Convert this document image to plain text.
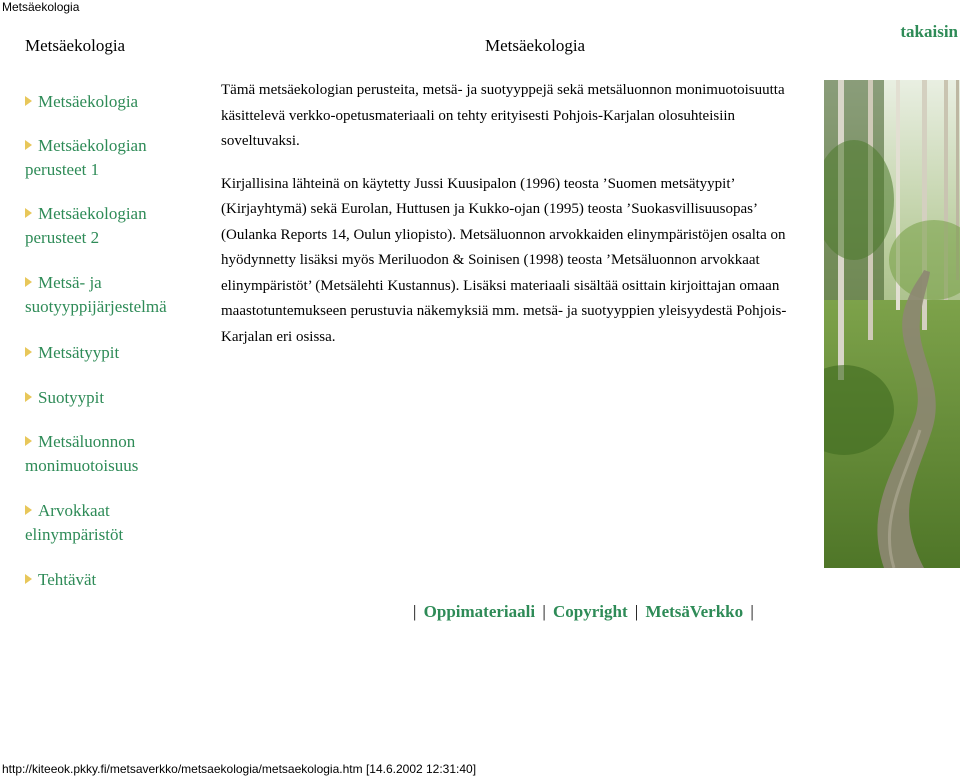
Metsäekologia
Metsäekologia	Metsäekologia
takaisin
Metsäekologia
Metsäekologian perusteet 1
Metsäekologian perusteet 2
Metsä- ja suotyyppijärjestelmä
Metsätyypit
Suotyypit
Metsäluonnon monimuotoisuus
Arvokkaat elinympäristöt
Tehtävät

Tämä metsäekologian perusteita, metsä- ja suotyyppejä sekä metsäluonnon monimuotoisuutta käsittelevä verkko-opetusmateriaali on tehty erityisesti Pohjois-Karjalan olosuhteisiin soveltuvaksi.

Kirjallisina lähteinä on käytetty Jussi Kuusipalon (1996) teosta ’Suomen metsätyypit’ (Kirjayhtymä) sekä Eurolan, Huttusen ja Kukko-ojan (1995) teosta ’Suokasvillisuusopas’ (Oulanka Reports 14, Oulun yliopisto). Metsäluonnon arvokkaiden elinympäristöjen osalta on hyödynnetty lisäksi myös Meriluodon & Soinisen (1998) teosta ’Metsäluonnon arvokkaat elinympäristöt’ (Metsälehti Kustannus). Lisäksi materiaali sisältää osittain kirjoittajan omaan maastotuntemukseen perustuvia näkemyksiä mm. metsä- ja suotyyppien yleisyydestä Pohjois-Karjalan eri osissa.

| Oppimateriaali | Copyright | MetsäVerkko |
http://kiteeok.pkky.fi/metsaverkko/metsaekologia/metsaekologia.htm [14.6.2002 12:31:40]
